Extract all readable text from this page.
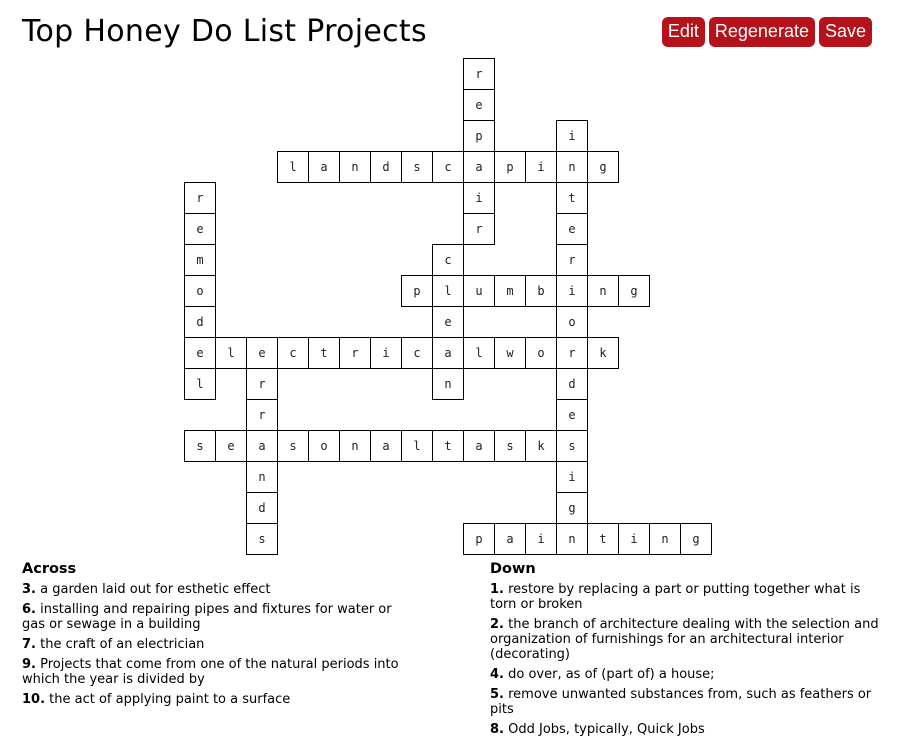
Top Honey Do List Projects	Edit Regenerate Save
r
e
p
a
i
r
i
n
t
e
r
i
o
r
d
e
s
i
g
n
l	a	n	d	s	c	p	i	g
r
e
m
o
d
e
l
c
l
e
a
n
p	u	m	b	n	g
l	e	c	t	r	i	c	l	w	o	k
r
r
a
n
d
s
s	e	s	o	n	a	l	t	a	s	k
p	a	i	t	i	n	g
Across
3. a garden laid out for esthetic effect
6. installing and repairing pipes and fixtures for water or gas or sewage in a building
7. the craft of an electrician
9. Projects that come from one of the natural periods into which the year is divided by
10. the act of applying paint to a surface
Down
1. restore by replacing a part or putting together what is torn or broken
2. the branch of architecture dealing with the selection and organization of furnishings for an architectural interior (decorating)
4. do over, as of (part of) a house;
5. remove unwanted substances from, such as feathers or pits
8. Odd Jobs, typically, Quick Jobs
